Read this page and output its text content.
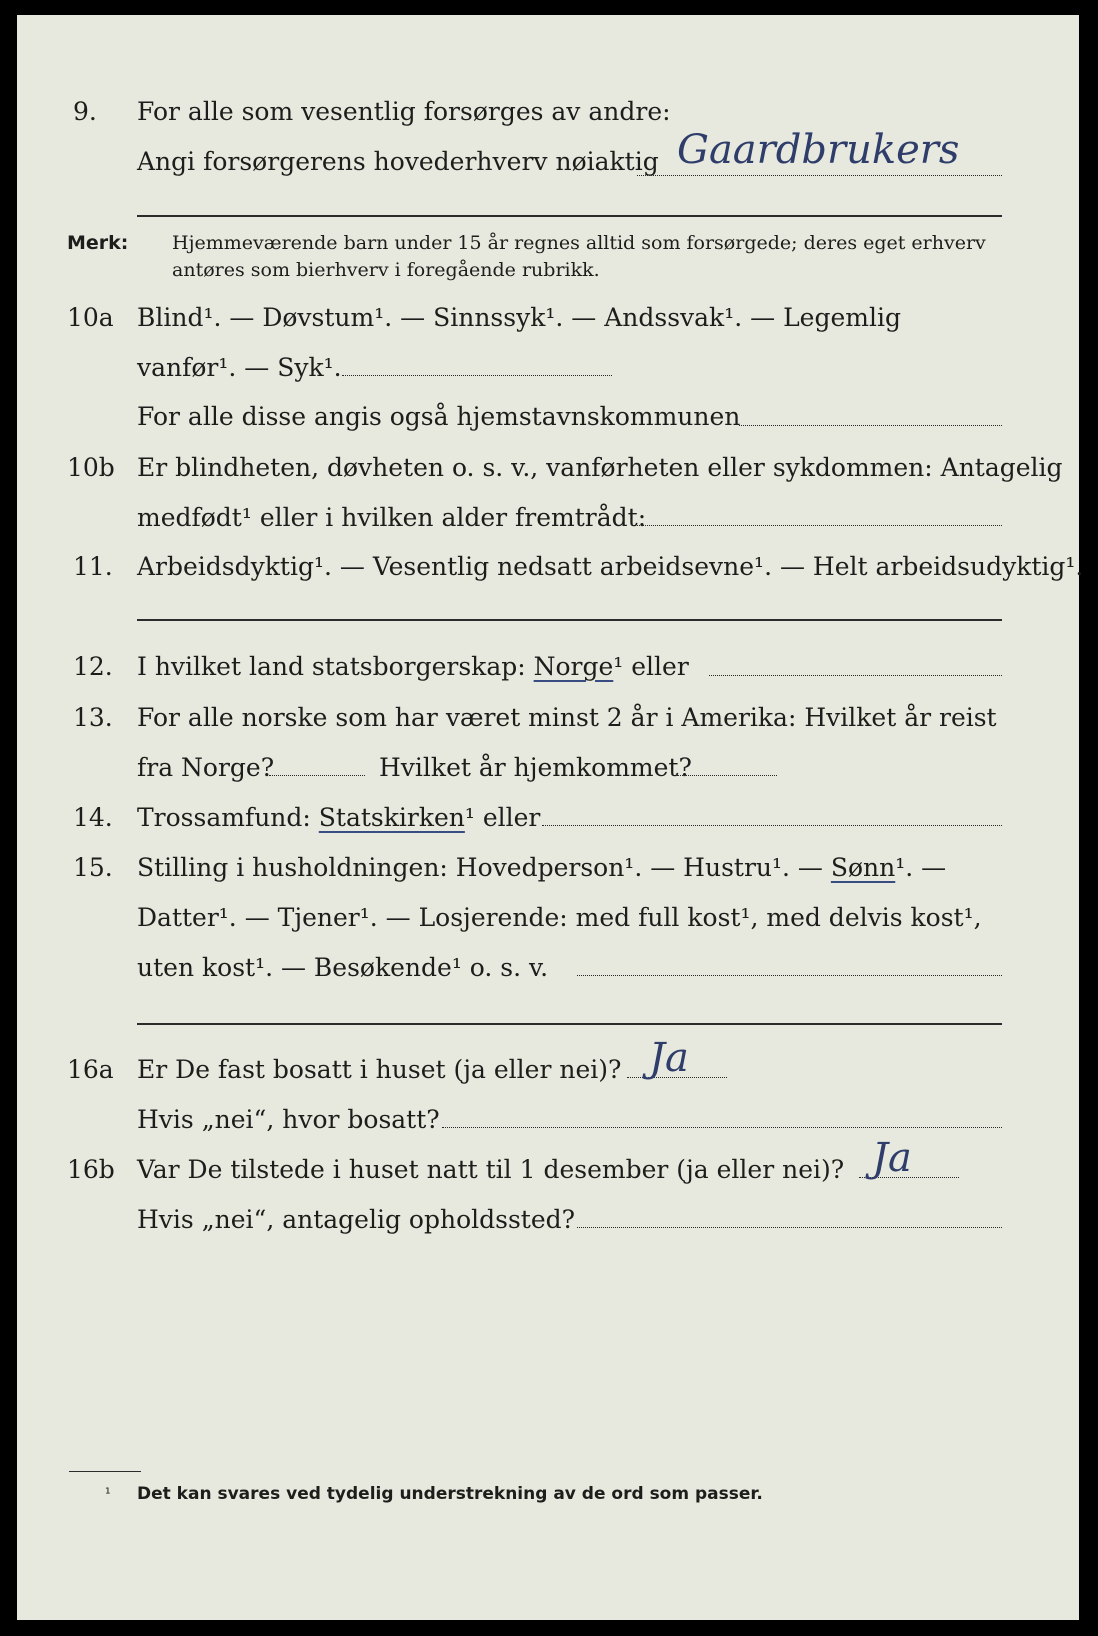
9. For alle som vesentlig forsørges av andre:
Angi forsørgerens hovederhverv nøiaktig Gaardbrukers
Merk: Hjemmeværende barn under 15 år regnes alltid som forsørgede; deres eget erhverv
antøres som bierhverv i foregående rubrikk.
10a Blind¹. — Døvstum¹. — Sinnssyk¹. — Andssvak¹. — Legemlig
vanfør¹. — Syk¹.
For alle disse angis også hjemstavnskommunen
10b Er blindheten, døvheten o. s. v., vanførheten eller sykdommen: Antagelig
medfødt¹ eller i hvilken alder fremtrådt:
11. Arbeidsdyktig¹. — Vesentlig nedsatt arbeidsevne¹. — Helt arbeidsudyktig¹.
12. I hvilket land statsborgerskap: Norge¹ eller
13. For alle norske som har været minst 2 år i Amerika: Hvilket år reist
fra Norge?	Hvilket år hjemkommet?
14. Trossamfund: Statskirken¹ eller
15. Stilling i husholdningen: Hovedperson¹. — Hustru¹. — Sønn¹. —
Datter¹. — Tjener¹. — Losjerende: med full kost¹, med delvis kost¹,
uten kost¹. — Besøkende¹ o. s. v.
16a Er De fast bosatt i huset (ja eller nei)? Ja
Hvis „nei“, hvor bosatt?
16b Var De tilstede i huset natt til 1 desember (ja eller nei)? Ja
Hvis „nei“, antagelig opholdssted?
¹ Det kan svares ved tydelig understrekning av de ord som passer.
